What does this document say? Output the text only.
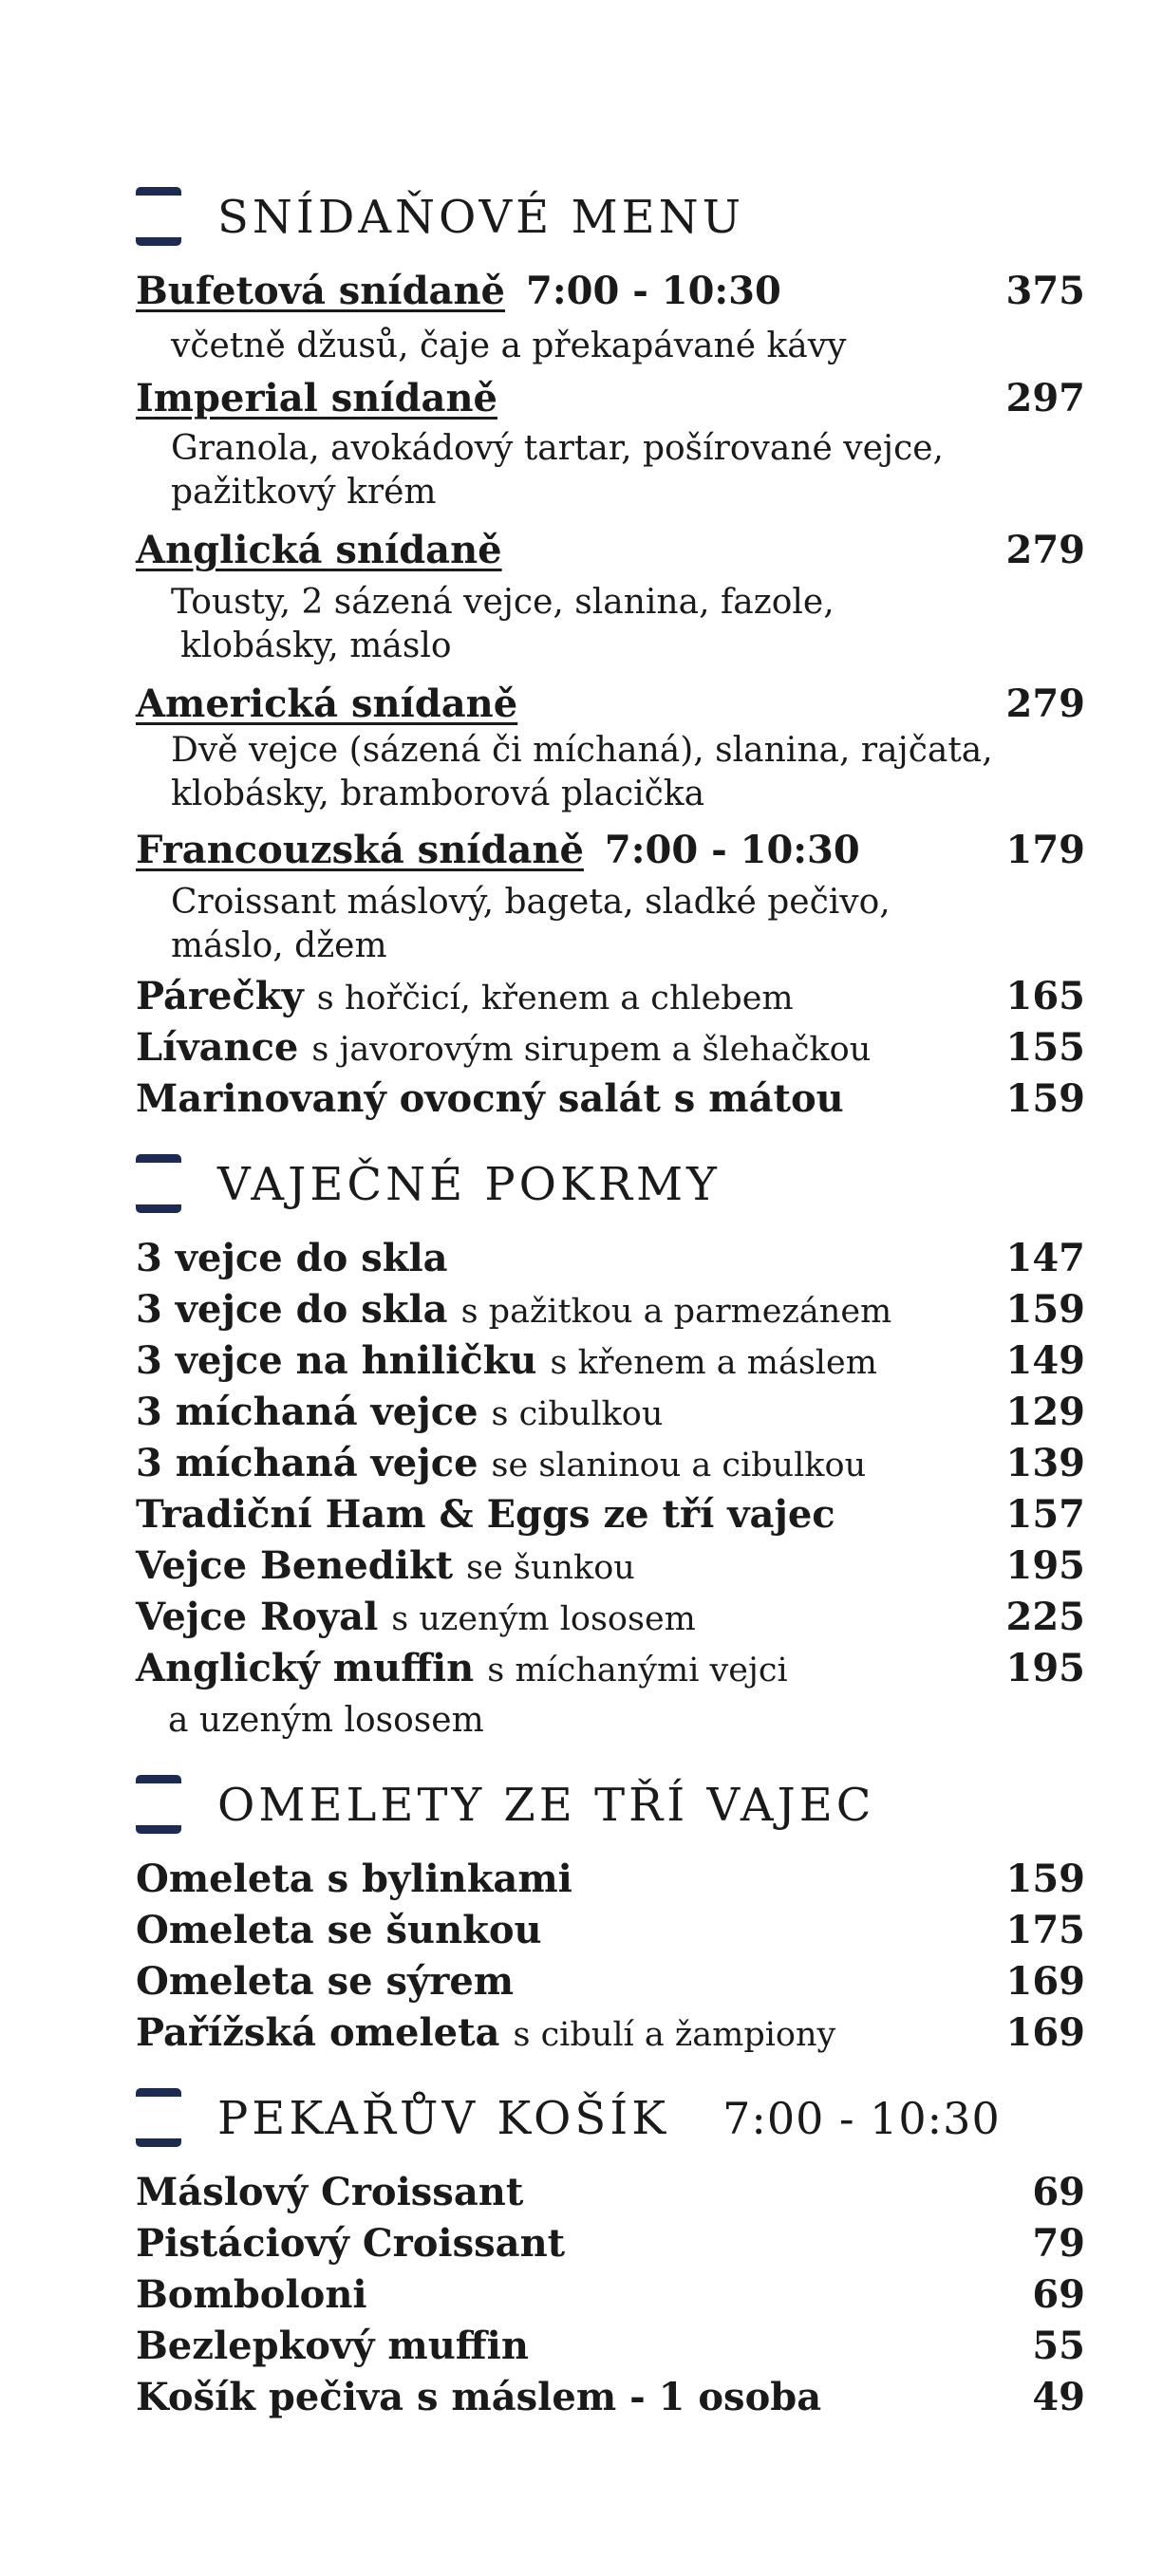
SNÍDAŇOVÉ MENU
Bufetová snídaně 7:00 - 10:30	375
včetně džusů, čaje a překapávané kávy
Imperial snídaně	297
Granola, avokádový tartar, pošírované vejce,
pažitkový krém
Anglická snídaně	279
Tousty, 2 sázená vejce, slanina, fazole,
klobásky, máslo
Americká snídaně	279
Dvě vejce (sázená či míchaná), slanina, rajčata,
klobásky, bramborová placička
Francouzská snídaně 7:00 - 10:30	179
Croissant máslový, bageta, sladké pečivo,
máslo, džem
Párečky s hořčicí, křenem a chlebem	165
Lívance s javorovým sirupem a šlehačkou	155
Marinovaný ovocný salát s mátou	159
VAJEČNÉ POKRMY
3 vejce do skla	147
3 vejce do skla s pažitkou a parmezánem	159
3 vejce na hniličku s křenem a máslem	149
3 míchaná vejce s cibulkou	129
3 míchaná vejce se slaninou a cibulkou	139
Tradiční Ham & Eggs ze tří vajec	157
Vejce Benedikt se šunkou	195
Vejce Royal s uzeným lososem	225
Anglický muffin s míchanými vejci	195
a uzeným lososem
OMELETY ZE TŘÍ VAJEC
Omeleta s bylinkami	159
Omeleta se šunkou	175
Omeleta se sýrem	169
Pařížská omeleta s cibulí a žampiony	169
PEKAŘŮV KOŠÍK 7:00 - 10:30
Máslový Croissant	69
Pistáciový Croissant	79
Bomboloni	69
Bezlepkový muffin	55
Košík pečiva s máslem - 1 osoba	49
